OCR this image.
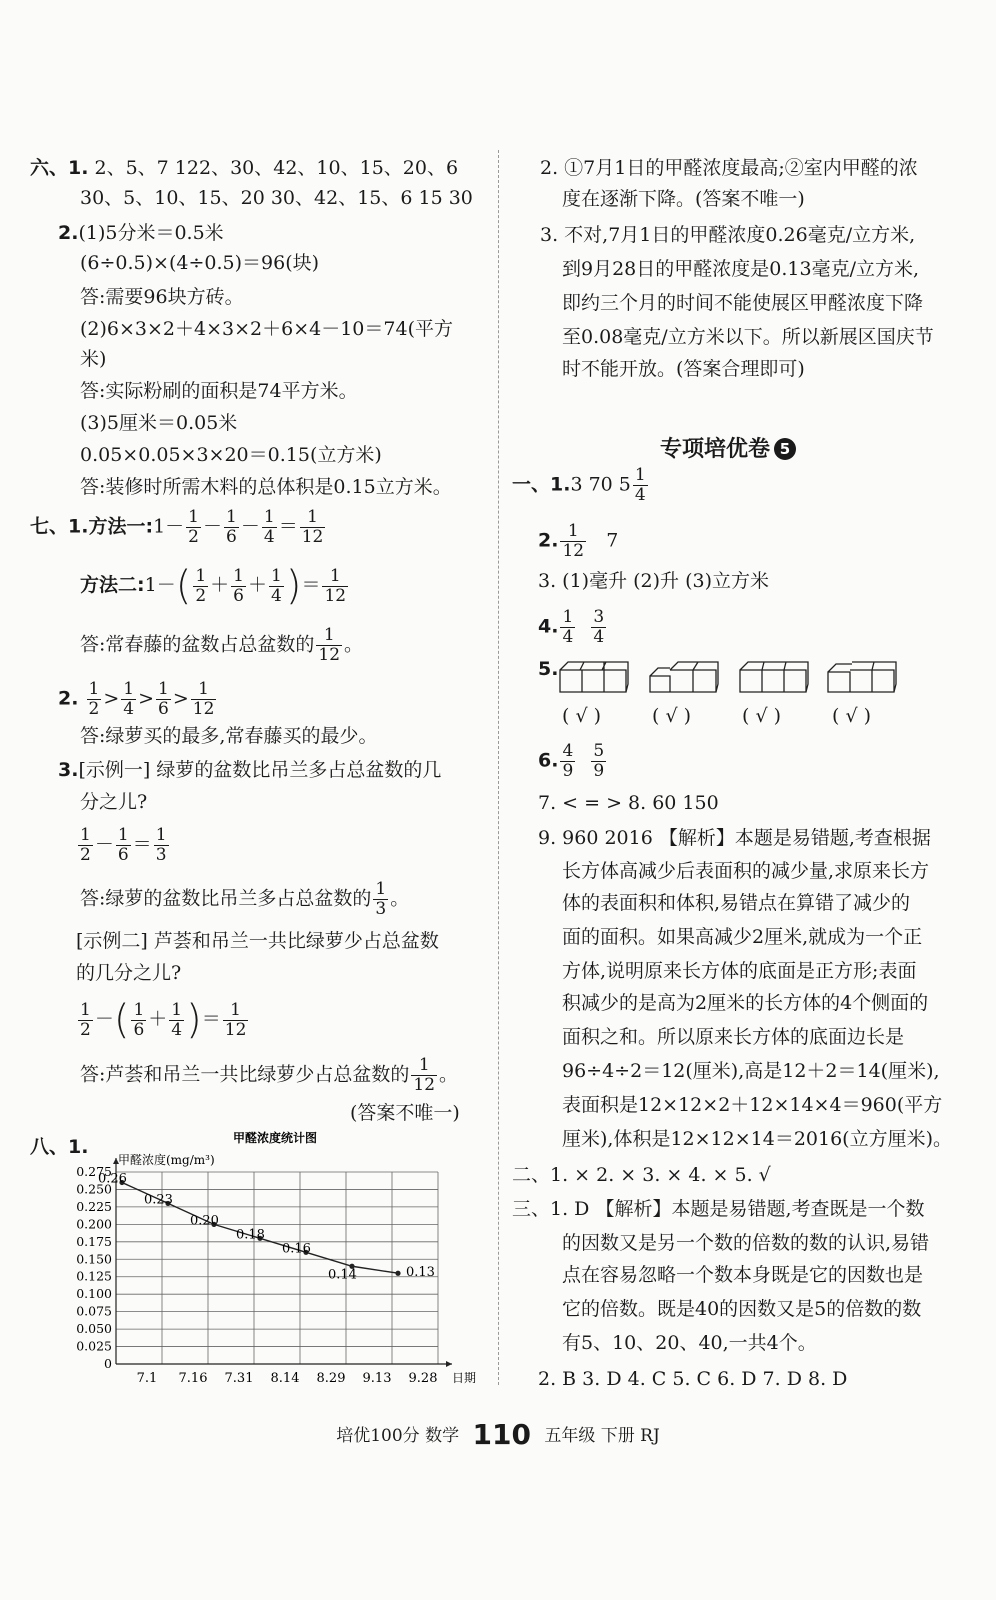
六、1. 2、5、7 122、30、42、10、15、20、6
30、5、10、15、20 30、42、15、6 15 30
2.(1)5分米＝0.5米
(6÷0.5)×(4÷0.5)＝96(块)
答:需要96块方砖。
(2)6×3×2＋4×3×2＋6×4－10＝74(平方
米)
答:实际粉刷的面积是74平方米。
(3)5厘米＝0.05米
0.05×0.05×3×20＝0.15(立方米)
答:装修时所需木料的总体积是0.15立方米。
七、1.方法一:1－ $\frac{1}{2} - \frac{1}{6} - \frac{1}{4} = \frac{1}{12}$
方法二:1－( $\frac{1}{2} + \frac{1}{6} + \frac{1}{4}$ )＝ $\frac{1}{12}$
答:常春藤的盆数占总盆数的 $\frac{1}{12}$ 。
2. $\frac{1}{2} > \frac{1}{4} > \frac{1}{6} > \frac{1}{12}$
答:绿萝买的最多,常春藤买的最少。
3.[示例一] 绿萝的盆数比吊兰多占总盆数的几
分之儿?
$\frac{1}{2} - \frac{1}{6} = \frac{1}{3}$
答:绿萝的盆数比吊兰多占总盆数的 $\frac{1}{3}$ 。
[示例二] 芦荟和吊兰一共比绿萝少占总盆数
的几分之儿?
$\frac{1}{2}$ －( $\frac{1}{6} + \frac{1}{4}$ )＝ $\frac{1}{12}$
答:芦荟和吊兰一共比绿萝少占总盆数的 $\frac{1}{12}$ 。
(答案不唯一)
八、1.	甲醛浓度统计图
甲醛浓度(mg/m³)
0
0.025
0.050
0.075
0.100
0.125
0.150
0.175
0.200
0.225
0.250
0.275
7.1 7.16 7.31 8.14 8.29 9.13 9.28 日期
0.26
0.23
0.20
0.18
0.16
0.14	0.13
2. ①7月1日的甲醛浓度最高;②室内甲醛的浓
度在逐渐下降。(答案不唯一)
3. 不对,7月1日的甲醛浓度0.26毫克/立方米,
到9月28日的甲醛浓度是0.13毫克/立方米,
即约三个月的时间不能使展区甲醛浓度下降
至0.08毫克/立方米以下。所以新展区国庆节
时不能开放。(答案合理即可)
专项培优卷 5
一、1.3 70 $5 \frac{1}{4}$
2. $\frac{1}{12} 7$
3. (1)毫升 (2)升 (3)立方米
4. $\frac{1}{4}$
$\frac{3}{4}$
5.
( √ )	( √ )	( √ )	( √ )
6. $\frac{4}{9}$
$\frac{5}{9}$
7. < = > 8. 60 150
9. 960 2016 【解析】本题是易错题,考查根据
长方体高减少后表面积的减少量,求原来长方
体的表面积和体积,易错点在算错了减少的
面的面积。如果高减少2厘米,就成为一个正
方体,说明原来长方体的底面是正方形;表面
积减少的是高为2厘米的长方体的4个侧面的
面积之和。所以原来长方体的底面边长是
96÷4÷2＝12(厘米),高是12＋2＝14(厘米),
表面积是12×12×2＋12×14×4＝960(平方
厘米),体积是12×12×14＝2016(立方厘米)。
二、1. × 2. × 3. × 4. × 5. √
三、1. D 【解析】本题是易错题,考查既是一个数
的因数又是另一个数的倍数的数的认识,易错
点在容易忽略一个数本身既是它的因数也是
它的倍数。既是40的因数又是5的倍数的数
有5、10、20、40,一共4个。
2. B 3. D 4. C 5. C 6. D 7. D 8. D
培优100分 数学 110 五年级 下册 RJ
